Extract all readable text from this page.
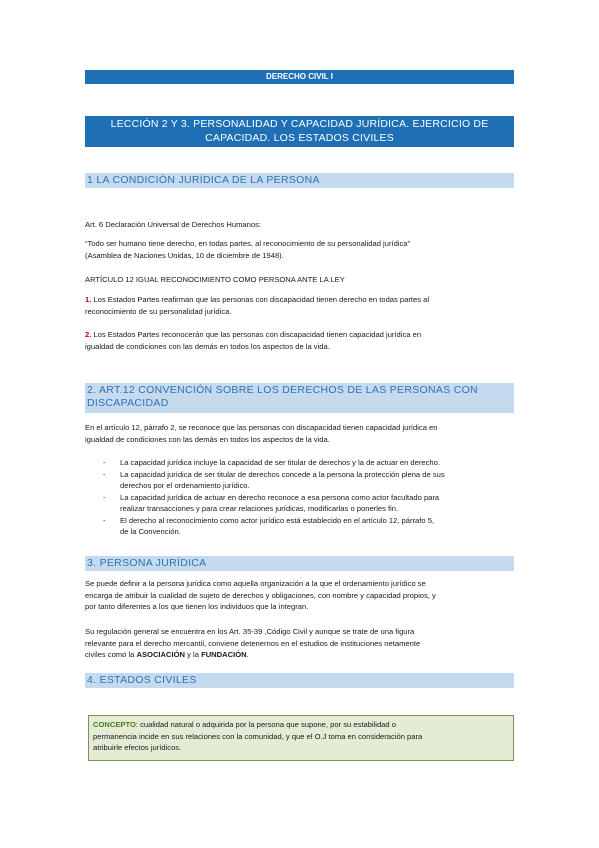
DERECHO CIVIL I
LECCIÓN 2 Y 3. PERSONALIDAD Y CAPACIDAD JURÍDICA. EJERCICIO DE
CAPACIDAD. LOS ESTADOS CIVILES
1 LA CONDICIÓN JURÍDICA DE LA PERSONA

Art. 6 Declaración Universal de Derechos Humanos:

“Todo ser humano tiene derecho, en todas partes, al reconocimiento de su personalidad jurídica”
(Asamblea de Naciones Unidas, 10 de diciembre de 1948).

ARTÍCULO 12 IGUAL RECONOCIMIENTO COMO PERSONA ANTE LA LEY

1. Los Estados Partes reafirman que las personas con discapacidad tienen derecho en todas partes al
reconocimiento de su personalidad jurídica.
2. Los Estados Partes reconocerán que las personas con discapacidad tienen capacidad jurídica en
igualdad de condiciones con las demás en todos los aspectos de la vida.
2. ART.12 CONVENCIÓN SOBRE LOS DERECHOS DE LAS PERSONAS CON
DISCAPACIDAD
En el artículo 12, párrafo 2, se reconoce que las personas con discapacidad tienen capacidad jurídica en
igualdad de condiciones con las demás en todos los aspectos de la vida.
- La capacidad jurídica incluye la capacidad de ser titular de derechos y la de actuar en derecho.
- La capacidad jurídica de ser titular de derechos concede a la persona la protección plena de sus
derechos por el ordenamiento jurídico.
- La capacidad jurídica de actuar en derecho reconoce a esa persona como actor facultado para
realizar transacciones y para crear relaciones jurídicas, modificarlas o ponerles fin.
- El derecho al reconocimiento como actor jurídico está establecido en el artículo 12, párrafo 5,
de la Convención.
3. PERSONA JURÍDICA
Se puede definir a la persona jurídica como aquella organización a la que el ordenamiento jurídico se
encarga de atribuir la cualidad de sujeto de derechos y obligaciones, con nombre y capacidad propios, y
por tanto diferentes a los que tienen los individuos que la integran.
Su regulación general se encuentra en los Art. 35-39 ,Código Civil y aunque se trate de una figura
relevante para el derecho mercantil, conviene detenernos en el estudios de instituciones netamente
civiles como la ASOCIACIÓN y la FUNDACIÓN.
4. ESTADOS CIVILES
CONCEPTO: cualidad natural o adquirida por la persona que supone, por su estabilidad o
permanencia incide en sus relaciones con la comunidad, y que el O.J toma en consideración para
atribuirle efectos jurídicos.
